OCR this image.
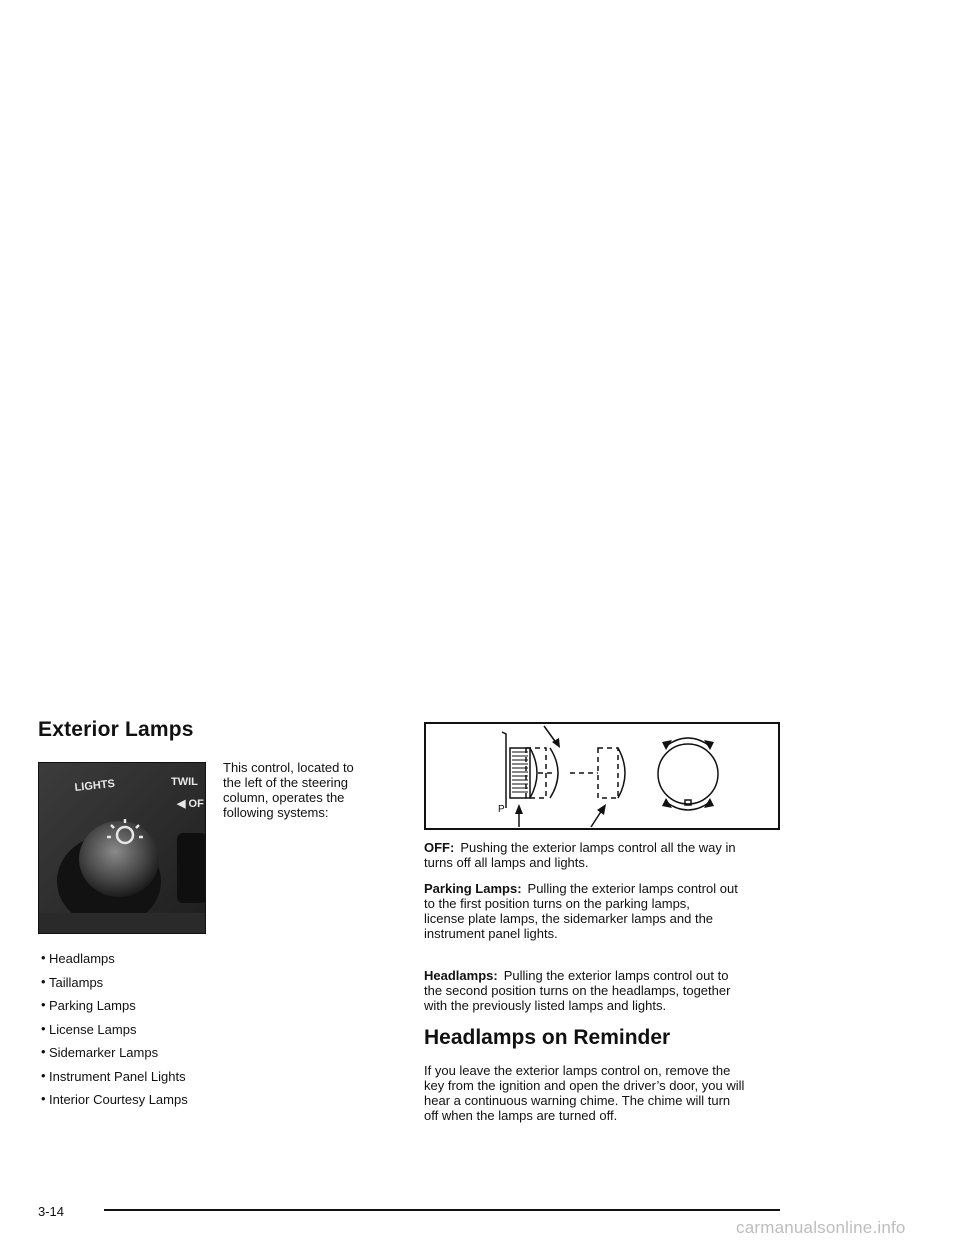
Exterior Lamps
LIGHTS	TWIL
◀ OF
This control, located to
the left of the steering
column, operates the
following systems:
• Headlamps
• Taillamps
• Parking Lamps
• License Lamps
• Sidemarker Lamps
• Instrument Panel Lights
• Interior Courtesy Lamps
P
OFF: Pushing the exterior lamps control all the way in
turns off all lamps and lights.
Parking Lamps: Pulling the exterior lamps control out
to the first position turns on the parking lamps,
license plate lamps, the sidemarker lamps and the
instrument panel lights.
Headlamps: Pulling the exterior lamps control out to
the second position turns on the headlamps, together
with the previously listed lamps and lights.
Headlamps on Reminder
If you leave the exterior lamps control on, remove the
key from the ignition and open the driver’s door, you will
hear a continuous warning chime. The chime will turn
off when the lamps are turned off.
3-14
carmanualsonline.info
